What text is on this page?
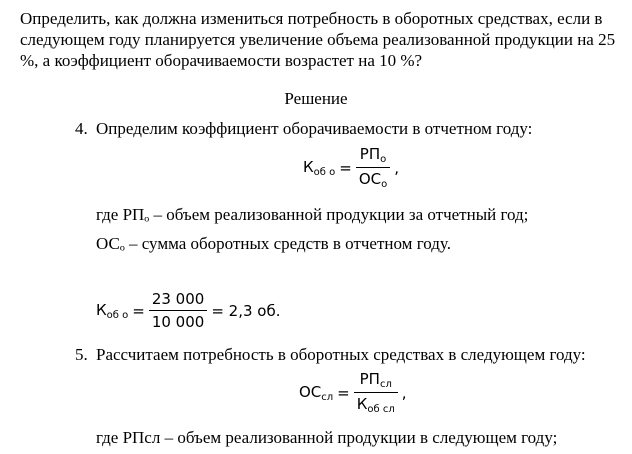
Определить, как должна измениться потребность в оборотных средствах, если в следующем году планируется увеличение объема реализованной продукции на 25 %, а коэффициент оборачиваемости возрастет на 10 %?

Решение
4. Определим коэффициент оборачиваемости в отчетном году:
$К_{об о} = \frac{РП_о}{ОС_о}$ ,
где РПₒ – объем реализованной продукции за отчетный год;
ОСₒ – сумма оборотных средств в отчетном году.
$К_{об о} = \frac{23 000}{10 000} = 2,3$ об.
5. Рассчитаем потребность в оборотных средствах в следующем году:
$ОС_{сл} = \frac{РП_{сл}}{К_{об сл}}$ ,
где РПсл – объем реализованной продукции в следующем году;
